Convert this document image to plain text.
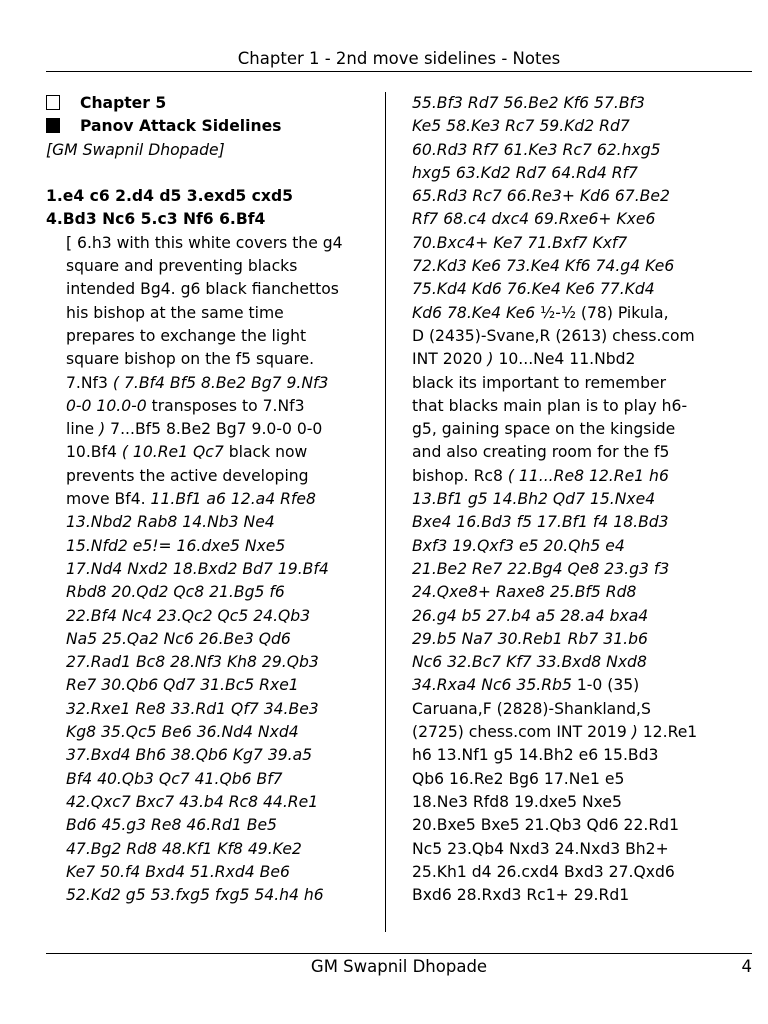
Chapter 1 - 2nd move sidelines - Notes
Chapter 5
Panov Attack Sidelines
[GM Swapnil Dhopade]
1.e4 c6 2.d4 d5 3.exd5 cxd5
4.Bd3 Nc6 5.c3 Nf6 6.Bf4
[ 6.h3 with this white covers the g4
square and preventing blacks
intended Bg4. g6 black fianchettos
his bishop at the same time
prepares to exchange the light
square bishop on the f5 square.
7.Nf3 ( 7.Bf4 Bf5 8.Be2 Bg7 9.Nf3
0-0 10.0-0 transposes to 7.Nf3
line ) 7...Bf5 8.Be2 Bg7 9.0-0 0-0
10.Bf4 ( 10.Re1 Qc7 black now
prevents the active developing
move Bf4. 11.Bf1 a6 12.a4 Rfe8
13.Nbd2 Rab8 14.Nb3 Ne4
15.Nfd2 e5!= 16.dxe5 Nxe5
17.Nd4 Nxd2 18.Bxd2 Bd7 19.Bf4
Rbd8 20.Qd2 Qc8 21.Bg5 f6
22.Bf4 Nc4 23.Qc2 Qc5 24.Qb3
Na5 25.Qa2 Nc6 26.Be3 Qd6
27.Rad1 Bc8 28.Nf3 Kh8 29.Qb3
Re7 30.Qb6 Qd7 31.Bc5 Rxe1
32.Rxe1 Re8 33.Rd1 Qf7 34.Be3
Kg8 35.Qc5 Be6 36.Nd4 Nxd4
37.Bxd4 Bh6 38.Qb6 Kg7 39.a5
Bf4 40.Qb3 Qc7 41.Qb6 Bf7
42.Qxc7 Bxc7 43.b4 Rc8 44.Re1
Bd6 45.g3 Re8 46.Rd1 Be5
47.Bg2 Rd8 48.Kf1 Kf8 49.Ke2
Ke7 50.f4 Bxd4 51.Rxd4 Be6
52.Kd2 g5 53.fxg5 fxg5 54.h4 h6
55.Bf3 Rd7 56.Be2 Kf6 57.Bf3
Ke5 58.Ke3 Rc7 59.Kd2 Rd7
60.Rd3 Rf7 61.Ke3 Rc7 62.hxg5
hxg5 63.Kd2 Rd7 64.Rd4 Rf7
65.Rd3 Rc7 66.Re3+ Kd6 67.Be2
Rf7 68.c4 dxc4 69.Rxe6+ Kxe6
70.Bxc4+ Ke7 71.Bxf7 Kxf7
72.Kd3 Ke6 73.Ke4 Kf6 74.g4 Ke6
75.Kd4 Kd6 76.Ke4 Ke6 77.Kd4
Kd6 78.Ke4 Ke6 ½-½ (78) Pikula,
D (2435)-Svane,R (2613) chess.com
INT 2020 ) 10...Ne4 11.Nbd2
black its important to remember
that blacks main plan is to play h6-
g5, gaining space on the kingside
and also creating room for the f5
bishop. Rc8 ( 11...Re8 12.Re1 h6
13.Bf1 g5 14.Bh2 Qd7 15.Nxe4
Bxe4 16.Bd3 f5 17.Bf1 f4 18.Bd3
Bxf3 19.Qxf3 e5 20.Qh5 e4
21.Be2 Re7 22.Bg4 Qe8 23.g3 f3
24.Qxe8+ Raxe8 25.Bf5 Rd8
26.g4 b5 27.b4 a5 28.a4 bxa4
29.b5 Na7 30.Reb1 Rb7 31.b6
Nc6 32.Bc7 Kf7 33.Bxd8 Nxd8
34.Rxa4 Nc6 35.Rb5 1-0 (35)
Caruana,F (2828)-Shankland,S
(2725) chess.com INT 2019 ) 12.Re1
h6 13.Nf1 g5 14.Bh2 e6 15.Bd3
Qb6 16.Re2 Bg6 17.Ne1 e5
18.Ne3 Rfd8 19.dxe5 Nxe5
20.Bxe5 Bxe5 21.Qb3 Qd6 22.Rd1
Nc5 23.Qb4 Nxd3 24.Nxd3 Bh2+
25.Kh1 d4 26.cxd4 Bxd3 27.Qxd6
Bxd6 28.Rxd3 Rc1+ 29.Rd1
GM Swapnil Dhopade	4
